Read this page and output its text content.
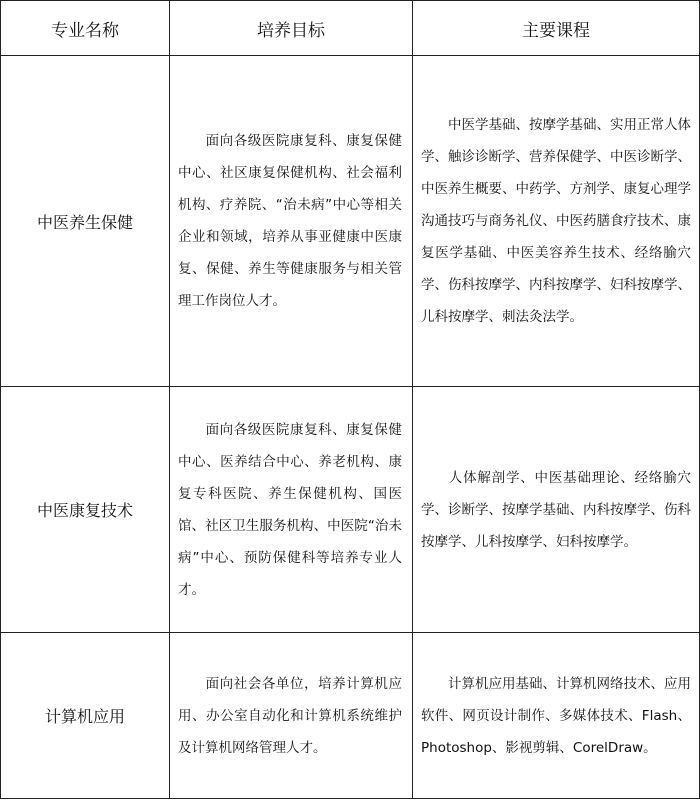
专业名称	培养目标	主要课程
中医养生保健	面向各级医院康复科、康复保健中心、社区康复保健机构、社会福利机构、疗养院、“治未病”中心等相关企业和领域，培养从事亚健康中医康复、保健、养生等健康服务与相关管理工作岗位人才。	中医学基础、按摩学基础、实用正常人体学、触诊诊断学、营养保健学、中医诊断学、中医养生概要、中药学、方剂学、康复心理学沟通技巧与商务礼仪、中医药膳食疗技术、康复医学基础、中医美容养生技术、经络腧穴学、伤科按摩学、内科按摩学、妇科按摩学、儿科按摩学、刺法灸法学。
中医康复技术	面向各级医院康复科、康复保健中心、医养结合中心、养老机构、康复专科医院、养生保健机构、国医馆、社区卫生服务机构、中医院“治未病”中心、预防保健科等培养专业人才。	人体解剖学、中医基础理论、经络腧穴学、诊断学、按摩学基础、内科按摩学、伤科按摩学、儿科按摩学、妇科按摩学。
计算机应用	面向社会各单位，培养计算机应用、办公室自动化和计算机系统维护及计算机网络管理人才。	计算机应用基础、计算机网络技术、应用软件、网页设计制作、多媒体技术、Flash、Photoshop、影视剪辑、CorelDraw。
